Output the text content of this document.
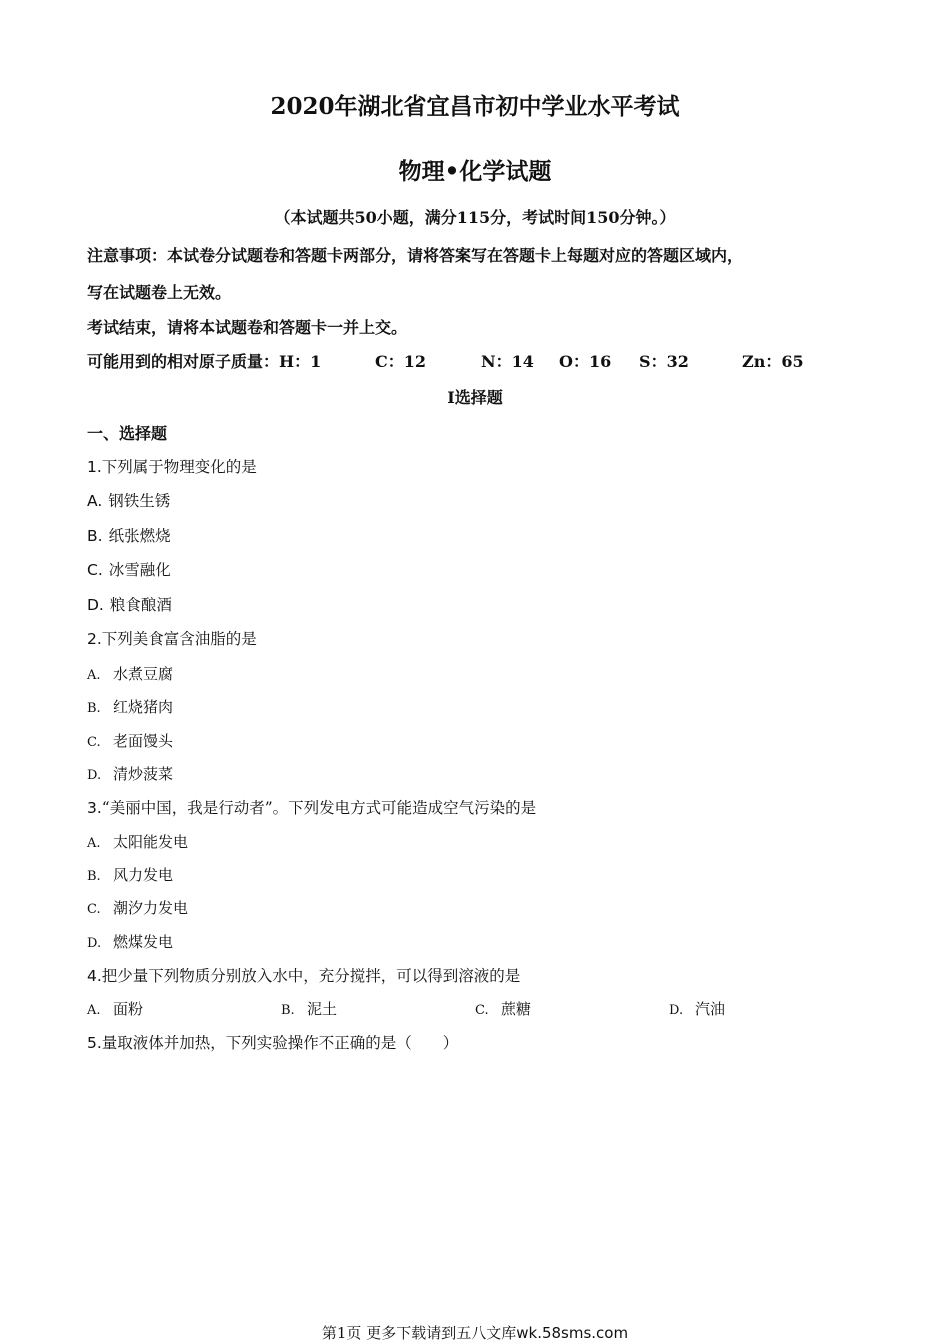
2020年湖北省宜昌市初中学业水平考试
物理•化学试题
（本试题共50小题，满分115分，考试时间150分钟。）
注意事项：本试卷分试题卷和答题卡两部分，请将答案写在答题卡上每题对应的答题区域内，
写在试题卷上无效。
考试结束，请将本试题卷和答题卡一并上交。
可能用到的相对原子质量：H：1	C：12	N：14 O：16 S：32	Zn：65
I选择题
一、选择题
1.下列属于物理变化的是
A. 钢铁生锈
B. 纸张燃烧
C. 冰雪融化
D. 粮食酿酒
2.下列美食富含油脂的是
A. 水煮豆腐
B. 红烧猪肉
C. 老面馒头
D. 清炒菠菜
3.“美丽中国，我是行动者”。下列发电方式可能造成空气污染的是
A. 太阳能发电
B. 风力发电
C. 潮汐力发电
D. 燃煤发电
4.把少量下列物质分别放入水中，充分搅拌，可以得到溶液的是
A. 面粉	B. 泥土	C. 蔗糖	D. 汽油
5.量取液体并加热，下列实验操作不正确的是（　　）
第1页 更多下载请到五八文库wk.58sms.com
